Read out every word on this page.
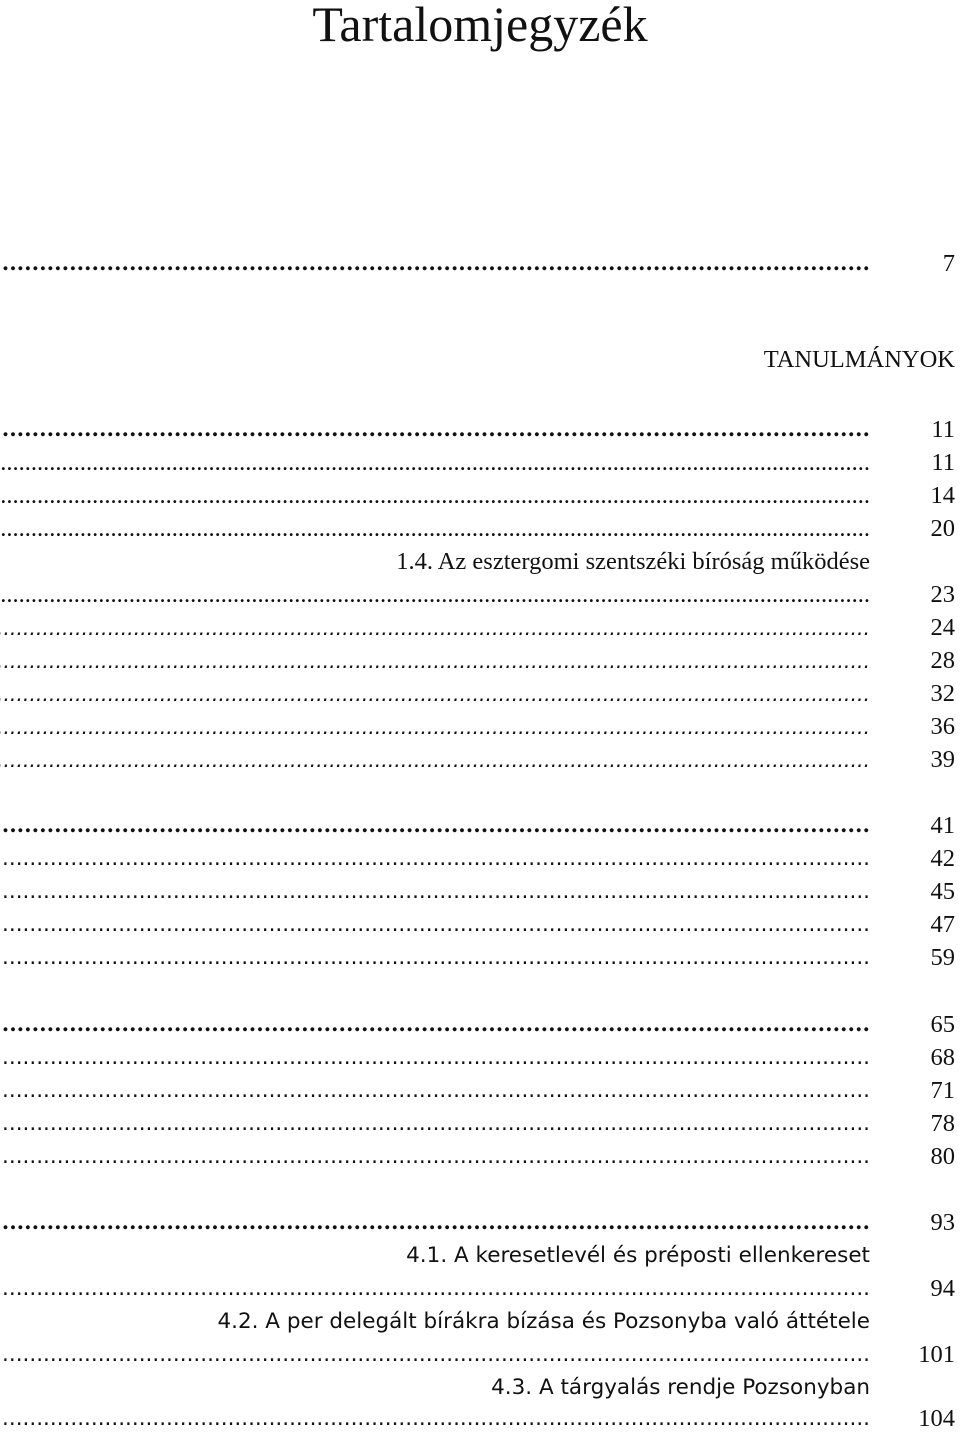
Tartalomjegyzék
.....
7
TANULMÁNYOK
.....
11
.....
11
.....
14
.....
20
1.4. Az esztergomi szentszéki bíróság működése
.....
23
.....
24
.....
28
.....
32
.....
36
.....
39
.....
41
.....
42
.....
45
.....
47
.....
59
.....
65
.....
68
.....
71
.....
78
.....
80
.....
93
4.1. A keresetlevél és préposti ellenkereset
.....
94
4.2. A per delegált bírákra bízása és Pozsonyba való áttétele
.....
101
4.3. A tárgyalás rendje Pozsonyban
.....
104
